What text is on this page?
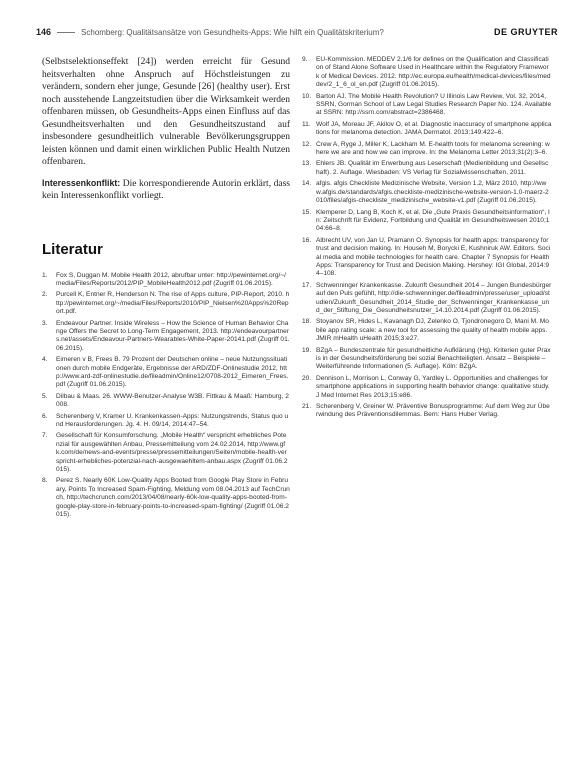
146	Schomberg: Qualitätsansätze von Gesundheits-Apps: Wie hilft ein Qualitätskriterium?	DE GRUYTER

(Selbstselektionseffekt [24]) werden erreicht für Gesund heitsverhalten ohne Anspruch auf Höchstleistungen zu verändern, sondern eher junge, Gesunde [26] (healthy user). Erst noch ausstehende Langzeitstudien über die Wirksamkeit werden offenbaren müssen, ob Gesundheits-Apps einen Einfluss auf das Gesundheitsverhalten und den Gesundheitszustand auf insbesondere gesundheitlich vulnerable Bevölkerungsgruppen leisten können und damit einen wirklichen Public Health Nutzen offenbaren.

Interessenkonflikt: Die korrespondierende Autorin erklärt, dass kein Interessenkonflikt vorliegt.

Literatur
1.	Fox S, Duggan M. Mobile Health 2012, abrufbar unter: http://pewinternet.org/~/media/Files/Reports/2012/PIP_MobileHealth2012.pdf (Zugriff 01.06.2015).
2.	Purcell K, Entner R, Henderson N. The rise of Apps culture, PIP-Report, 2010. http://pewinternet.org/~/media/Files/Reports/2010/PIP_Nielsen%20Apps%20Report.pdf.
3.	Endeavour Partner. Inside Wireless – How the Science of Human Behavior Change Offers the Secret to Long-Term Engagement, 2013. http://endeavourpartners.net/assets/Endeavour-Partners-Wearables-White-Paper-20141.pdf (Zugriff 01.06.2015).
4.	Eimeren v B, Frees B. 79 Prozent der Deutschen online – neue Nutzungssituationen durch mobile Endgeräte, Ergebnisse der ARD/ZDF-Onlinestudie 2012, http://www.ard-zdf-onlinestudie.de/fileadmin/Online12/0708-2012_Eimeren_Frees.pdf (Zugriff 01.06.2015).
5.	Dilbau & Maas. 26. WWW-Benutzer-Analyse W3B. Fittkau & Maaß: Hamburg, 2008.
6.	Scherenberg V, Kramer U. Krankenkassen-Apps: Nutzungstrends, Status quo und Herausforderungen. Jg. 4. H. 09/14, 2014:47–54.
7.	Gesellschaft für Konsumforschung. „Mobile Health“ verspricht erhebliches Potenzial für ausgewählten Anbau, Pressemitteilung vom 24.02.2014, http://www.gfk.com/de/news-and-events/presse/pressemitteilungen/Seiten/mobile-health-verspricht-erhebliches-potenzial-nach-ausgewaehltem-anbau.aspx (Zugriff 01.06.2015).
8.	Perez S. Nearly 60K Low-Quality Apps Booted from Google Play Store in February, Points To Increased Spam-Fighting, Meldung vom 08.04.2013 auf TechCrunch, http://techcrunch.com/2013/04/08/nearly-60k-low-quality-apps-booted-from-google-play-store-in-february-points-to-increased-spam-fighting/ (Zugriff 01.06.2015).
9.	EU-Kommission. MEDDEV 2.1/6 for defines on the Qualification and Classification of Stand Alone Software Used in Healthcare within the Regulatory Framework of Medical Devices. 2012. http://ec.europa.eu/health/medical-devices/files/meddev/2_1_6_ol_en.pdf (Zugriff 01.06.2015).
10. Barton AJ. The Mobile Health Revolution? U Illinois Law Review, Vol. 32, 2014, SSRN, Gorman School of Law Legal Studies Research Paper No. 124. Available at SSRN: http://ssrn.com/abstract=2386468.
11. Wolf JA, Moreau JF, Akilov O, et al. Diagnostic inaccuracy of smartphone applications for melanoma detection. JAMA Dermatol. 2013;149:422–6.
12. Crew A, Ryge J, Miller K, Lackham M. E-health tools for melanoma screening: where we are and how we can improve. In: the Melanoma Letter 2013;31(2):3–6.
13. Ehlers JB. Qualität im Erwerbung aus Leserschaft (Medienbildung und Gesellschaft). 2. Auflage. Wiesbaden: VS Verlag für Sozialwissenschaften, 2011.
14. afgis. afgis Checkliste Medizinische Website, Version 1.2, März 2010, http://www.afgis.de/standards/afgis.checkliste-medizinische-website-version-1.0-maerz-2010/files/afgis-checkliste_medizinische_website-v1.pdf (Zugriff 01.06.2015).
15. Klemperer D, Lang B, Koch K, et al. Die „Gute Praxis Gesundheitsinformation“, In: Zeitschrift für Evidenz, Fortbildung und Qualität im Gesundheitswesen 2010;104:66–8.
16. Albrecht UV, von Jan U, Pramann O. Synopsis for health apps: transparency for trust and decision making. In: Househ M, Borycki E, Kushniruk AW. Editors. Social media and mobile technologies for health care. Chapter 7 Synopsis for Health Apps: Transparency for Trust and Decision Making. Hershey: IGI Global, 2014:94–108.
17. Schwenninger Krankenkasse. Zukunft Gesundheit 2014 – Jungen Bundesbürger auf den Puls gefühlt, http://die-schwenninger.de/fileadmin/presse/user_upload/studien/Zukunft_Gesundheit_2014_Studie_der_Schwenninger_Krankenkasse_und_der_Stiftung_Die_Gesundheitsnutzer_14.10.2014.pdf (Zugriff 01.06.2015).
18. Stoyanov SR, Hides L, Kavanagh DJ, Zelenko O, Tjondronegoro D, Mani M. Mobile app rating scale: a new tool for assessing the quality of health mobile apps. JMIR mHealth uHealth 2015;3:e27.
19. BZgA – Bundeszentrale für gesundheitliche Aufklärung (Hg). Kriterien guter Praxis in der Gesundheitsförderung bei sozial Benachteiligten. Ansatz – Beispiele – Weiterführende Informationen (5. Auflage). Köln: BZgA.
20. Dennison L, Morrison L, Conway G, Yardley L. Opportunities and challenges for smartphone applications in supporting health behavior change: qualitative study. J Med Internet Res 2013;15:e86.
21. Scherenberg V, Greiner W. Präventive Bonusprogramme: Auf dem Weg zur Überwindung des Präventionsdilemmas. Bern: Hans Huber Verlag.
